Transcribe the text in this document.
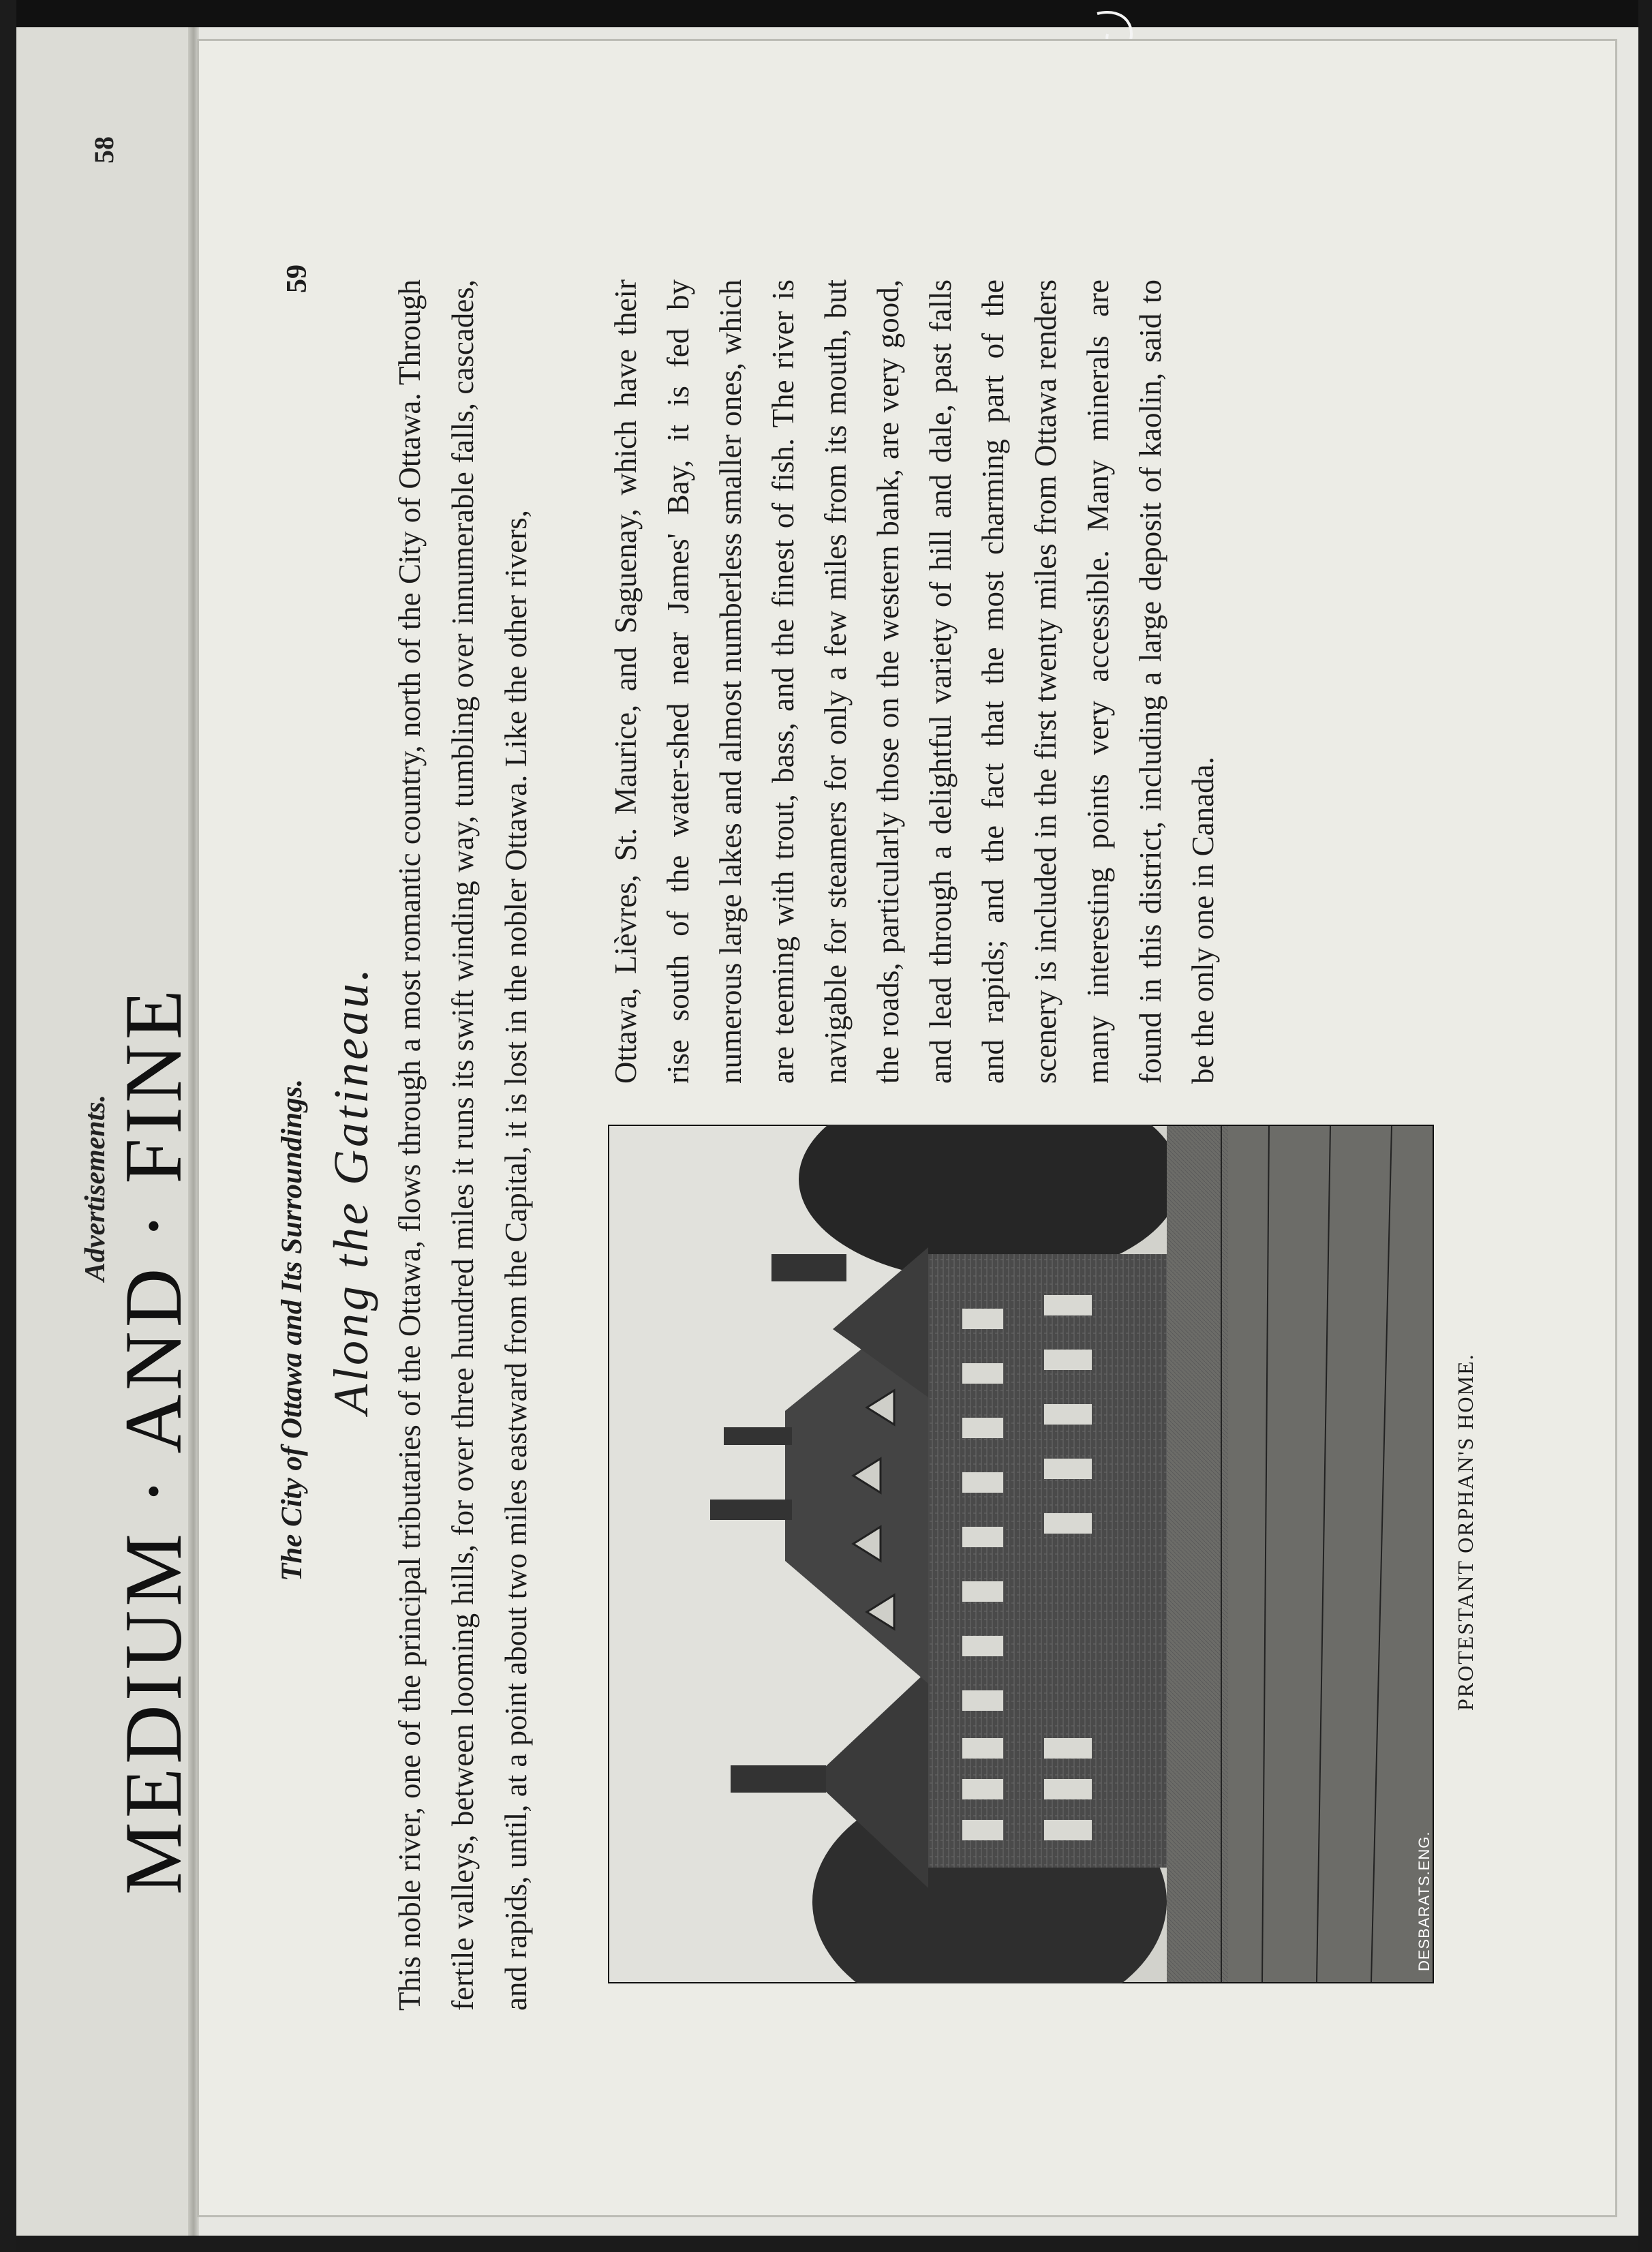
Advertisements.
58
MEDIUM · AND · FINE	The City of Ottawa and Its Surroundings.
59
Along the Gatineau. This noble river, one of the principal tributaries of the Ottawa, flows through a most romantic country, north of the City of Ottawa. Through fertile valleys, between looming hills, for over three hundred miles it runs its swift winding way, tumbling over innumerable falls, cascades, and rapids, until, at a point about two miles eastward from the Capital, it is lost in the nobler Ottawa. Like the other rivers,	Ottawa, Lièvres, St. Maurice, and Saguenay, which have their rise south of the water-shed near James' Bay, it is fed by numerous large lakes and almost numberless smaller ones, which are teeming with trout, bass, and the finest of fish. The river is navigable for steamers for only a few miles from its mouth, but the roads, particularly those on the western bank, are very good, and lead through a delightful variety of hill and dale, past falls and rapids; and the fact that the most charming part of the scenery is included in the first twenty miles from Ottawa renders many interesting points very accessible. Many minerals are found in this district, including a large deposit of kaolin, said to be the only one in Canada.
DESBARATS.ENG.
PROTESTANT ORPHAN'S HOME.
